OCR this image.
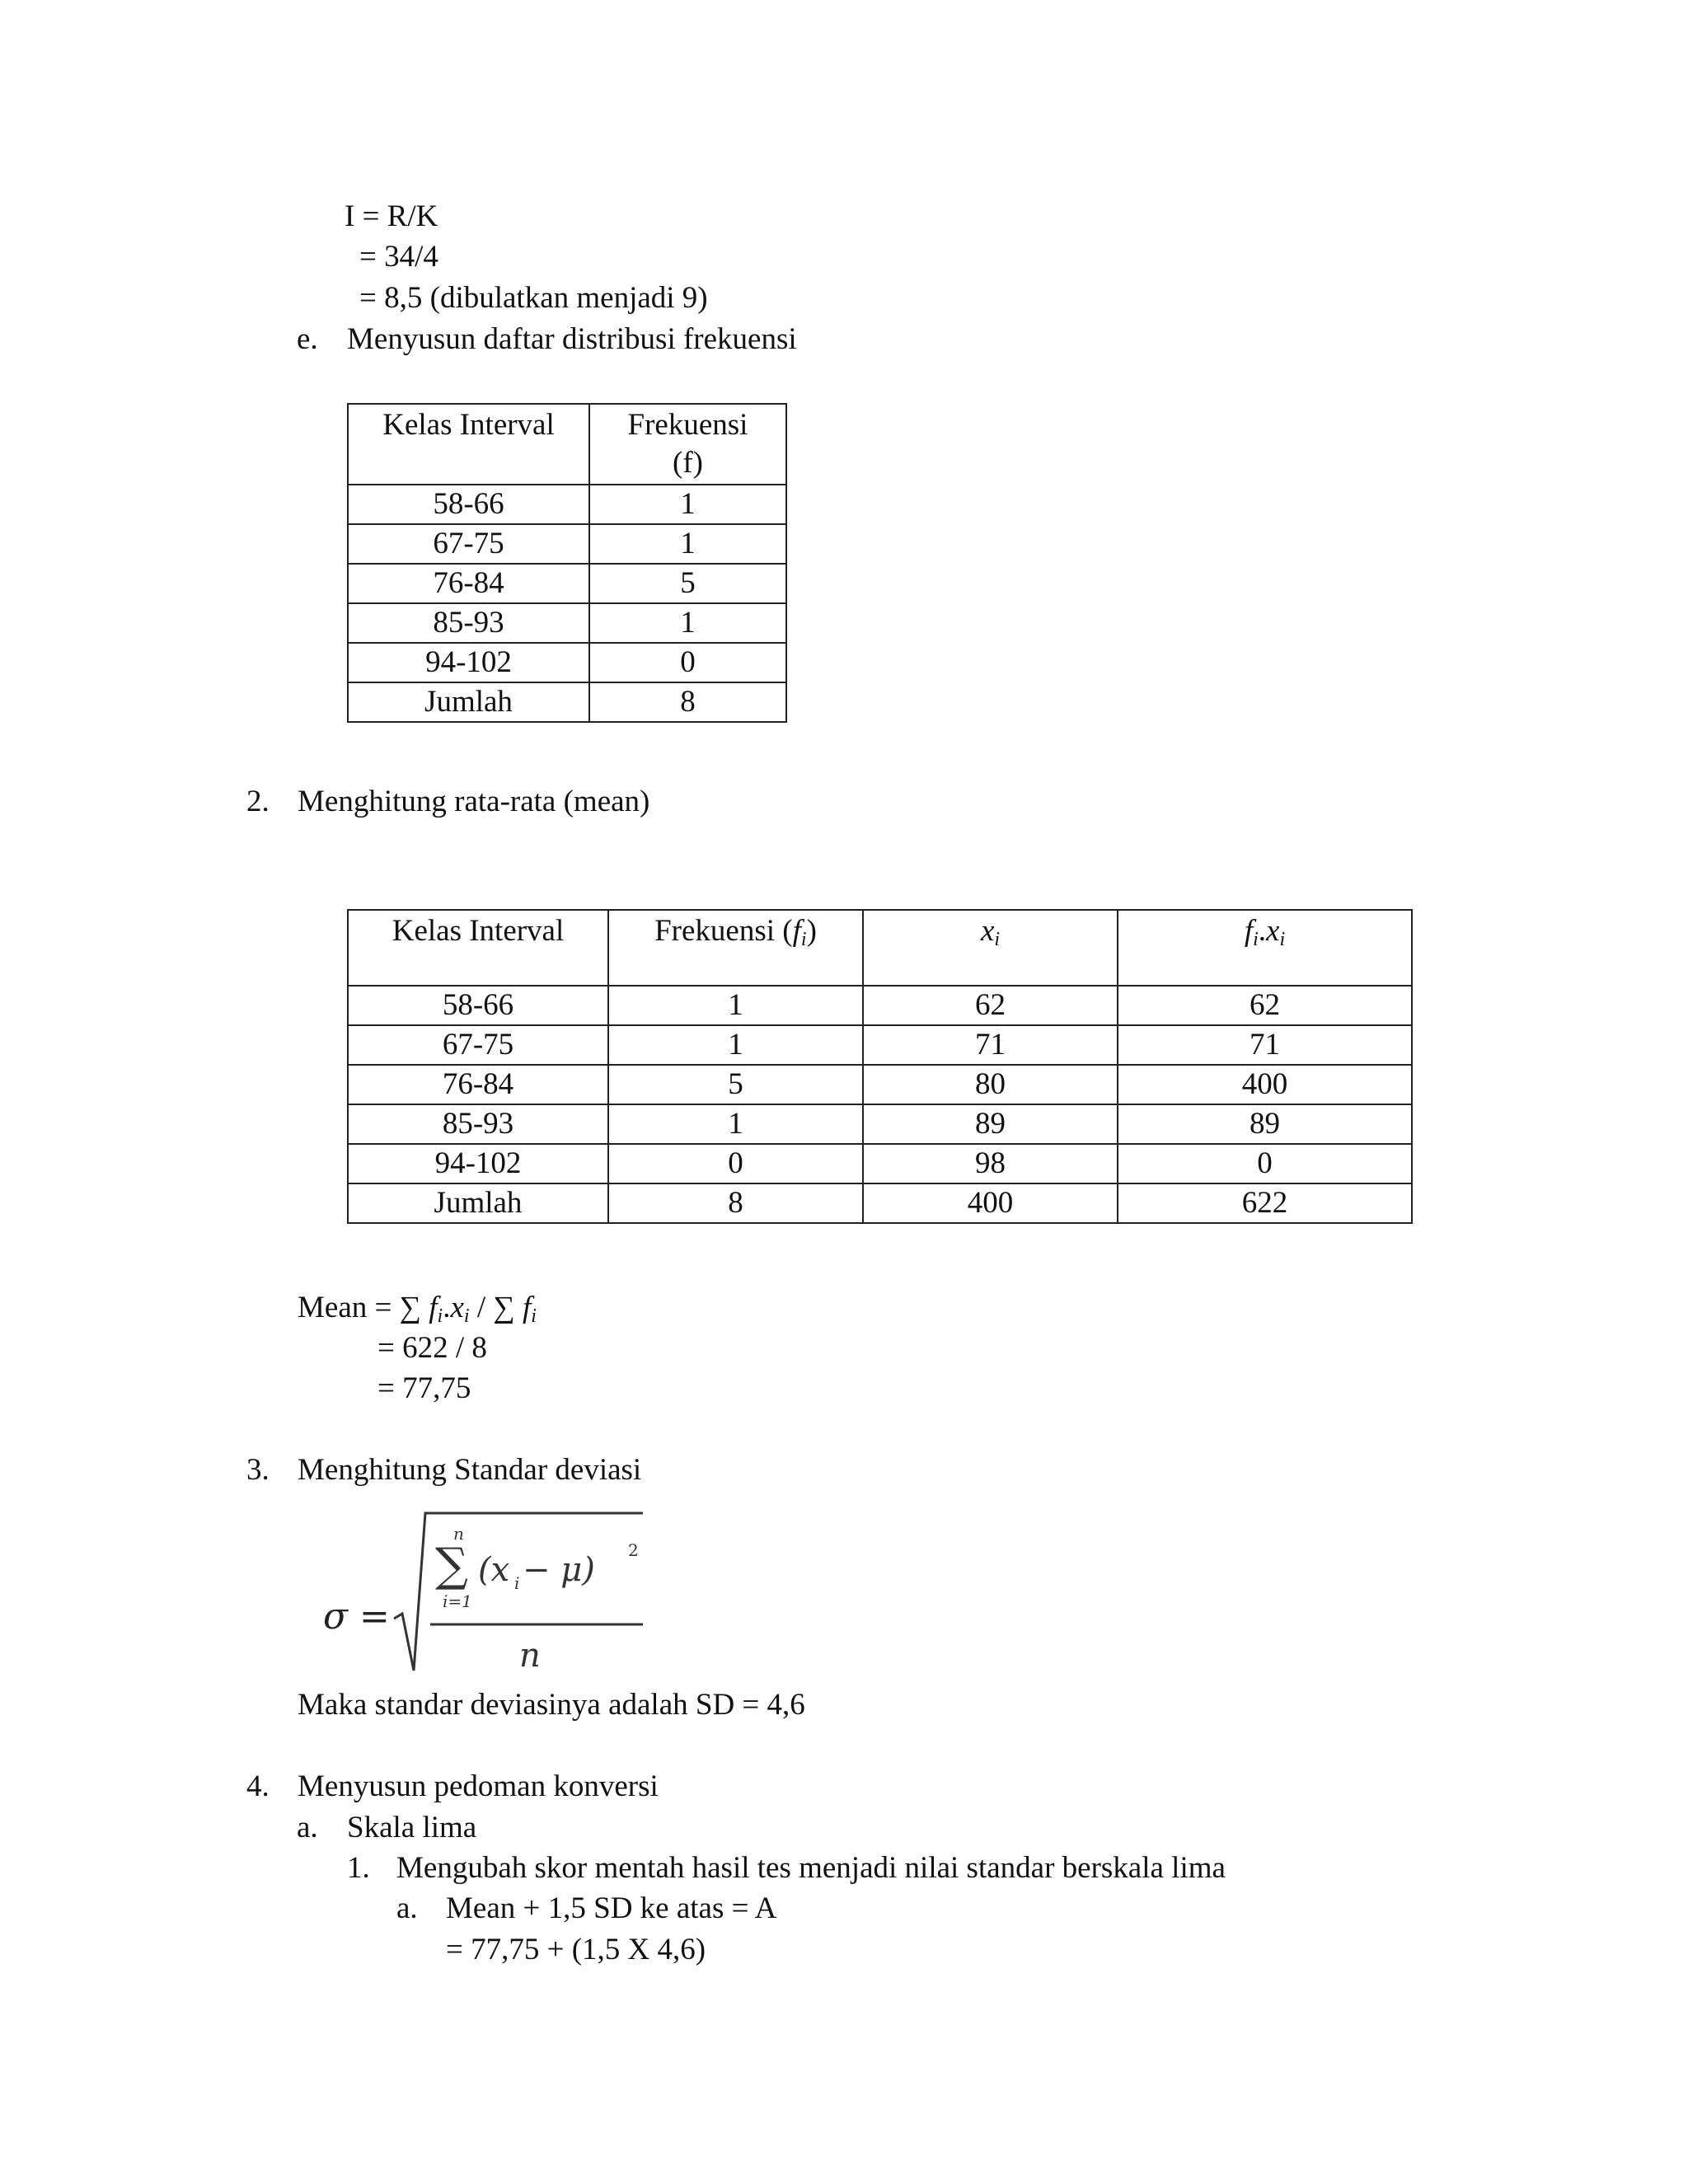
I = R/K
= 34/4
= 8,5 (dibulatkan menjadi 9)
e. Menyusun daftar distribusi frekuensi
Kelas Interval	Frekuensi
(f)
58-66	1
67-75	1
76-84	5
85-93	1
94-102	0
Jumlah	8
2. Menghitung rata-rata (mean)
Kelas Interval	Frekuensi $(f_i)$	$x_i$	$f_i.x_i$
58-66	1	62	62
67-75	1	71	71
76-84	5	80	400
85-93	1	89	89
94-102	0	98	0
Jumlah	8	400	622
Mean = ∑ $f_i.x_i$ / ∑ $f_i$
= 622 / 8
= 77,75
3. Menghitung Standar deviasi
σ =
n
∑
i=1
(x i − μ)
2
n
Maka standar deviasinya adalah SD = 4,6
4. Menyusun pedoman konversi
a. Skala lima
1. Mengubah skor mentah hasil tes menjadi nilai standar berskala lima
a. Mean + 1,5 SD ke atas = A
= 77,75 + (1,5 X 4,6)
